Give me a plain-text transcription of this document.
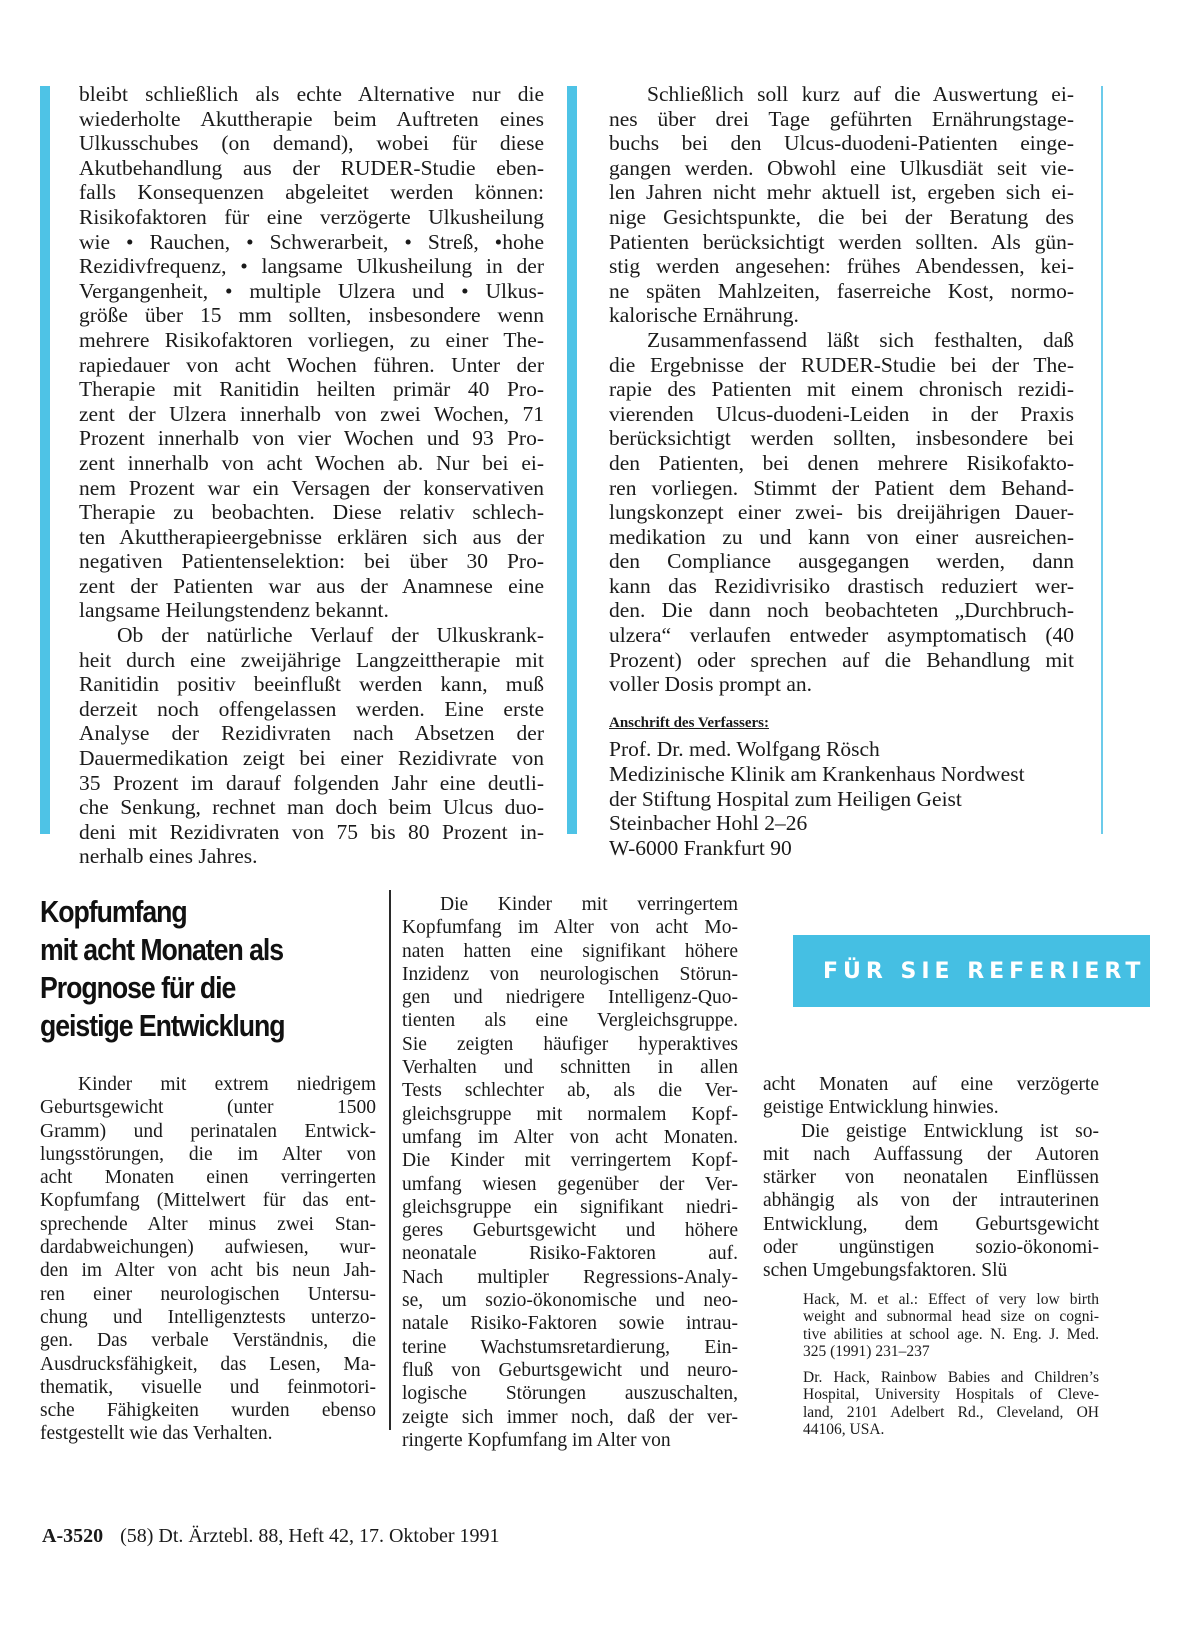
bleibt schließlich als echte Alternative nur die
wiederholte Akuttherapie beim Auftreten eines
Ulkusschubes (on demand), wobei für diese
Akutbehandlung aus der RUDER-Studie eben-
falls Konsequenzen abgeleitet werden können:
Risikofaktoren für eine verzögerte Ulkusheilung
wie • Rauchen, • Schwerarbeit, • Streß, •hohe
Rezidivfrequenz, • langsame Ulkusheilung in der
Vergangenheit, • multiple Ulzera und • Ulkus-
größe über 15 mm sollten, insbesondere wenn
mehrere Risikofaktoren vorliegen, zu einer The-
rapiedauer von acht Wochen führen. Unter der
Therapie mit Ranitidin heilten primär 40 Pro-
zent der Ulzera innerhalb von zwei Wochen, 71
Prozent innerhalb von vier Wochen und 93 Pro-
zent innerhalb von acht Wochen ab. Nur bei ei-
nem Prozent war ein Versagen der konservativen
Therapie zu beobachten. Diese relativ schlech-
ten Akuttherapieergebnisse erklären sich aus der
negativen Patientenselektion: bei über 30 Pro-
zent der Patienten war aus der Anamnese eine
langsame Heilungstendenz bekannt.
Ob der natürliche Verlauf der Ulkuskrank-
heit durch eine zweijährige Langzeittherapie mit
Ranitidin positiv beeinflußt werden kann, muß
derzeit noch offengelassen werden. Eine erste
Analyse der Rezidivraten nach Absetzen der
Dauermedikation zeigt bei einer Rezidivrate von
35 Prozent im darauf folgenden Jahr eine deutli-
che Senkung, rechnet man doch beim Ulcus duo-
deni mit Rezidivraten von 75 bis 80 Prozent in-
nerhalb eines Jahres.
Schließlich soll kurz auf die Auswertung ei-
nes über drei Tage geführten Ernährungstage-
buchs bei den Ulcus-duodeni-Patienten einge-
gangen werden. Obwohl eine Ulkusdiät seit vie-
len Jahren nicht mehr aktuell ist, ergeben sich ei-
nige Gesichtspunkte, die bei der Beratung des
Patienten berücksichtigt werden sollten. Als gün-
stig werden angesehen: frühes Abendessen, kei-
ne späten Mahlzeiten, faserreiche Kost, normo-
kalorische Ernährung.
Zusammenfassend läßt sich festhalten, daß
die Ergebnisse der RUDER-Studie bei der The-
rapie des Patienten mit einem chronisch rezidi-
vierenden Ulcus-duodeni-Leiden in der Praxis
berücksichtigt werden sollten, insbesondere bei
den Patienten, bei denen mehrere Risikofakto-
ren vorliegen. Stimmt der Patient dem Behand-
lungskonzept einer zwei- bis dreijährigen Dauer-
medikation zu und kann von einer ausreichen-
den Compliance ausgegangen werden, dann
kann das Rezidivrisiko drastisch reduziert wer-
den. Die dann noch beobachteten „Durchbruch-
ulzera“ verlaufen entweder asymptomatisch (40
Prozent) oder sprechen auf die Behandlung mit
voller Dosis prompt an.
Anschrift des Verfassers:
Prof. Dr. med. Wolfgang Rösch
Medizinische Klinik am Krankenhaus Nordwest
der Stiftung Hospital zum Heiligen Geist
Steinbacher Hohl 2–26
W-6000 Frankfurt 90
Kopfumfang
mit acht Monaten als
Prognose für die
geistige Entwicklung
FÜR SIE REFERIERT
Kinder mit extrem niedrigem
Geburtsgewicht (unter 1500
Gramm) und perinatalen Entwick-
lungsstörungen, die im Alter von
acht Monaten einen verringerten
Kopfumfang (Mittelwert für das ent-
sprechende Alter minus zwei Stan-
dardabweichungen) aufwiesen, wur-
den im Alter von acht bis neun Jah-
ren einer neurologischen Untersu-
chung und Intelligenztests unterzo-
gen. Das verbale Verständnis, die
Ausdrucksfähigkeit, das Lesen, Ma-
thematik, visuelle und feinmotori-
sche Fähigkeiten wurden ebenso
festgestellt wie das Verhalten.
Die Kinder mit verringertem
Kopfumfang im Alter von acht Mo-
naten hatten eine signifikant höhere
Inzidenz von neurologischen Störun-
gen und niedrigere Intelligenz-Quo-
tienten als eine Vergleichsgruppe.
Sie zeigten häufiger hyperaktives
Verhalten und schnitten in allen
Tests schlechter ab, als die Ver-
gleichsgruppe mit normalem Kopf-
umfang im Alter von acht Monaten.
Die Kinder mit verringertem Kopf-
umfang wiesen gegenüber der Ver-
gleichsgruppe ein signifikant niedri-
geres Geburtsgewicht und höhere
neonatale Risiko-Faktoren auf.
Nach multipler Regressions-Analy-
se, um sozio-ökonomische und neo-
natale Risiko-Faktoren sowie intrau-
terine Wachstumsretardierung, Ein-
fluß von Geburtsgewicht und neuro-
logische Störungen auszuschalten,
zeigte sich immer noch, daß der ver-
ringerte Kopfumfang im Alter von
acht Monaten auf eine verzögerte
geistige Entwicklung hinwies.
Die geistige Entwicklung ist so-
mit nach Auffassung der Autoren
stärker von neonatalen Einflüssen
abhängig als von der intrauterinen
Entwicklung, dem Geburtsgewicht
oder ungünstigen sozio-ökonomi-
schen Umgebungsfaktoren. Slü
Hack, M. et al.: Effect of very low birth
weight and subnormal head size on cogni-
tive abilities at school age. N. Eng. J. Med.
325 (1991) 231–237
Dr. Hack, Rainbow Babies and Children’s
Hospital, University Hospitals of Cleve-
land, 2101 Adelbert Rd., Cleveland, OH
44106, USA.
A-3520 (58) Dt. Ärztebl. 88, Heft 42, 17. Oktober 1991
